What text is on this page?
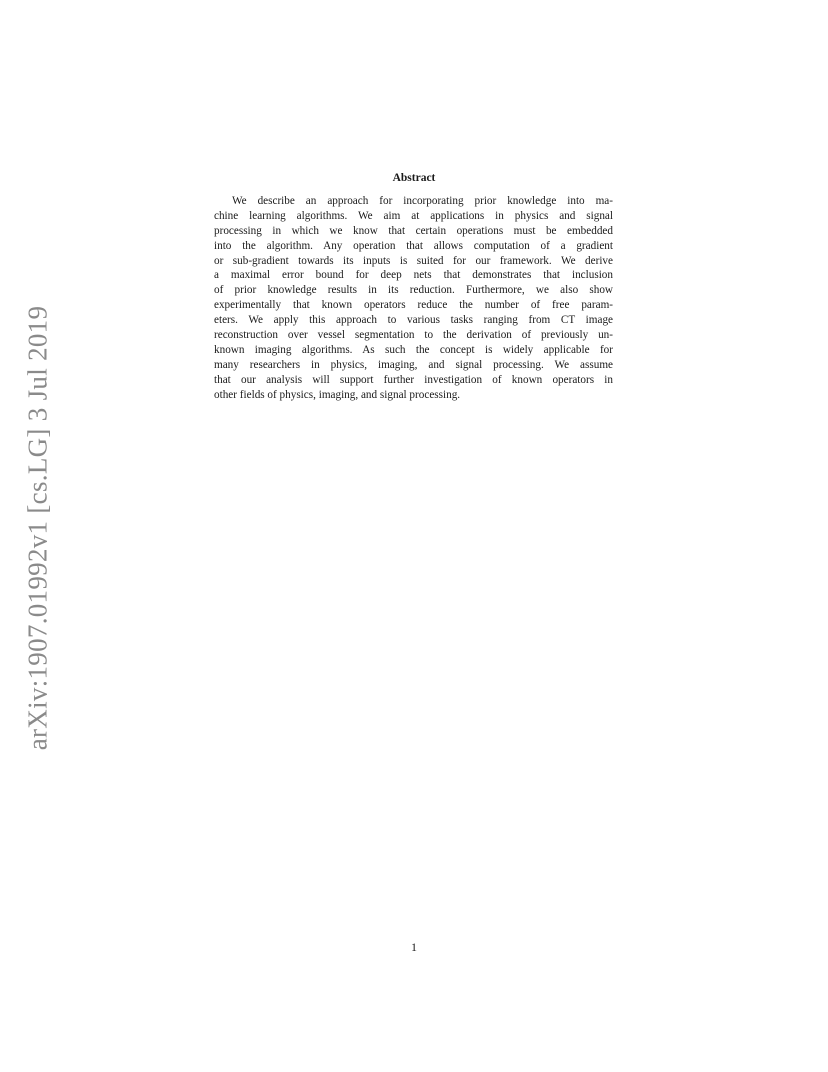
arXiv:1907.01992v1 [cs.LG] 3 Jul 2019
Abstract
We describe an approach for incorporating prior knowledge into ma-
chine learning algorithms. We aim at applications in physics and signal
processing in which we know that certain operations must be embedded
into the algorithm. Any operation that allows computation of a gradient
or sub-gradient towards its inputs is suited for our framework. We derive
a maximal error bound for deep nets that demonstrates that inclusion
of prior knowledge results in its reduction. Furthermore, we also show
experimentally that known operators reduce the number of free param-
eters. We apply this approach to various tasks ranging from CT image
reconstruction over vessel segmentation to the derivation of previously un-
known imaging algorithms. As such the concept is widely applicable for
many researchers in physics, imaging, and signal processing. We assume
that our analysis will support further investigation of known operators in
other fields of physics, imaging, and signal processing.
1
